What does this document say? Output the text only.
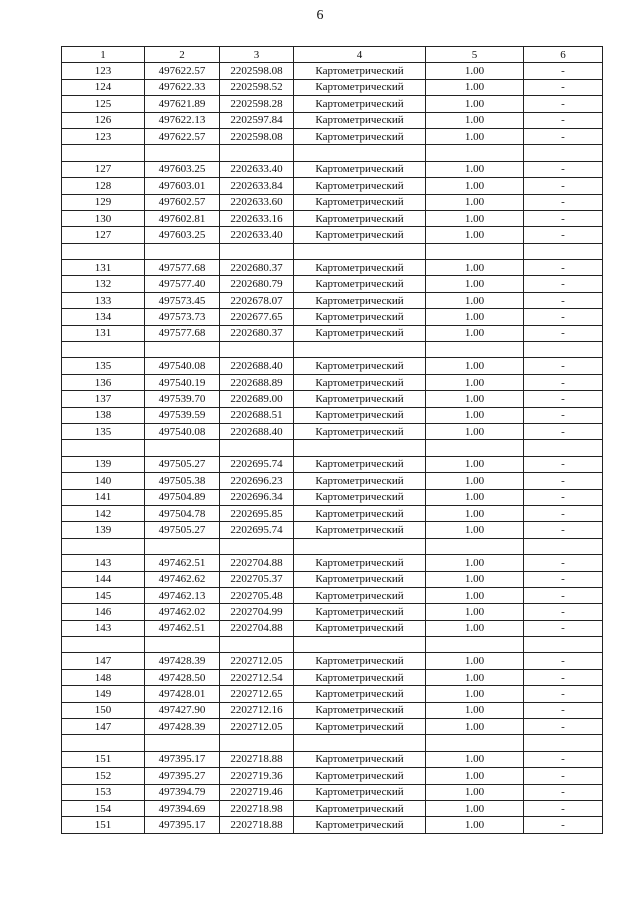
6
1	2	3	4	5	6
123	497622.57	2202598.08	Картометрический	1.00	-
124	497622.33	2202598.52	Картометрический	1.00	-
125	497621.89	2202598.28	Картометрический	1.00	-
126	497622.13	2202597.84	Картометрический	1.00	-
123	497622.57	2202598.08	Картометрический	1.00	-

127	497603.25	2202633.40	Картометрический	1.00	-
128	497603.01	2202633.84	Картометрический	1.00	-
129	497602.57	2202633.60	Картометрический	1.00	-
130	497602.81	2202633.16	Картометрический	1.00	-
127	497603.25	2202633.40	Картометрический	1.00	-

131	497577.68	2202680.37	Картометрический	1.00	-
132	497577.40	2202680.79	Картометрический	1.00	-
133	497573.45	2202678.07	Картометрический	1.00	-
134	497573.73	2202677.65	Картометрический	1.00	-
131	497577.68	2202680.37	Картометрический	1.00	-

135	497540.08	2202688.40	Картометрический	1.00	-
136	497540.19	2202688.89	Картометрический	1.00	-
137	497539.70	2202689.00	Картометрический	1.00	-
138	497539.59	2202688.51	Картометрический	1.00	-
135	497540.08	2202688.40	Картометрический	1.00	-

139	497505.27	2202695.74	Картометрический	1.00	-
140	497505.38	2202696.23	Картометрический	1.00	-
141	497504.89	2202696.34	Картометрический	1.00	-
142	497504.78	2202695.85	Картометрический	1.00	-
139	497505.27	2202695.74	Картометрический	1.00	-

143	497462.51	2202704.88	Картометрический	1.00	-
144	497462.62	2202705.37	Картометрический	1.00	-
145	497462.13	2202705.48	Картометрический	1.00	-
146	497462.02	2202704.99	Картометрический	1.00	-
143	497462.51	2202704.88	Картометрический	1.00	-

147	497428.39	2202712.05	Картометрический	1.00	-
148	497428.50	2202712.54	Картометрический	1.00	-
149	497428.01	2202712.65	Картометрический	1.00	-
150	497427.90	2202712.16	Картометрический	1.00	-
147	497428.39	2202712.05	Картометрический	1.00	-

151	497395.17	2202718.88	Картометрический	1.00	-
152	497395.27	2202719.36	Картометрический	1.00	-
153	497394.79	2202719.46	Картометрический	1.00	-
154	497394.69	2202718.98	Картометрический	1.00	-
151	497395.17	2202718.88	Картометрический	1.00	-
